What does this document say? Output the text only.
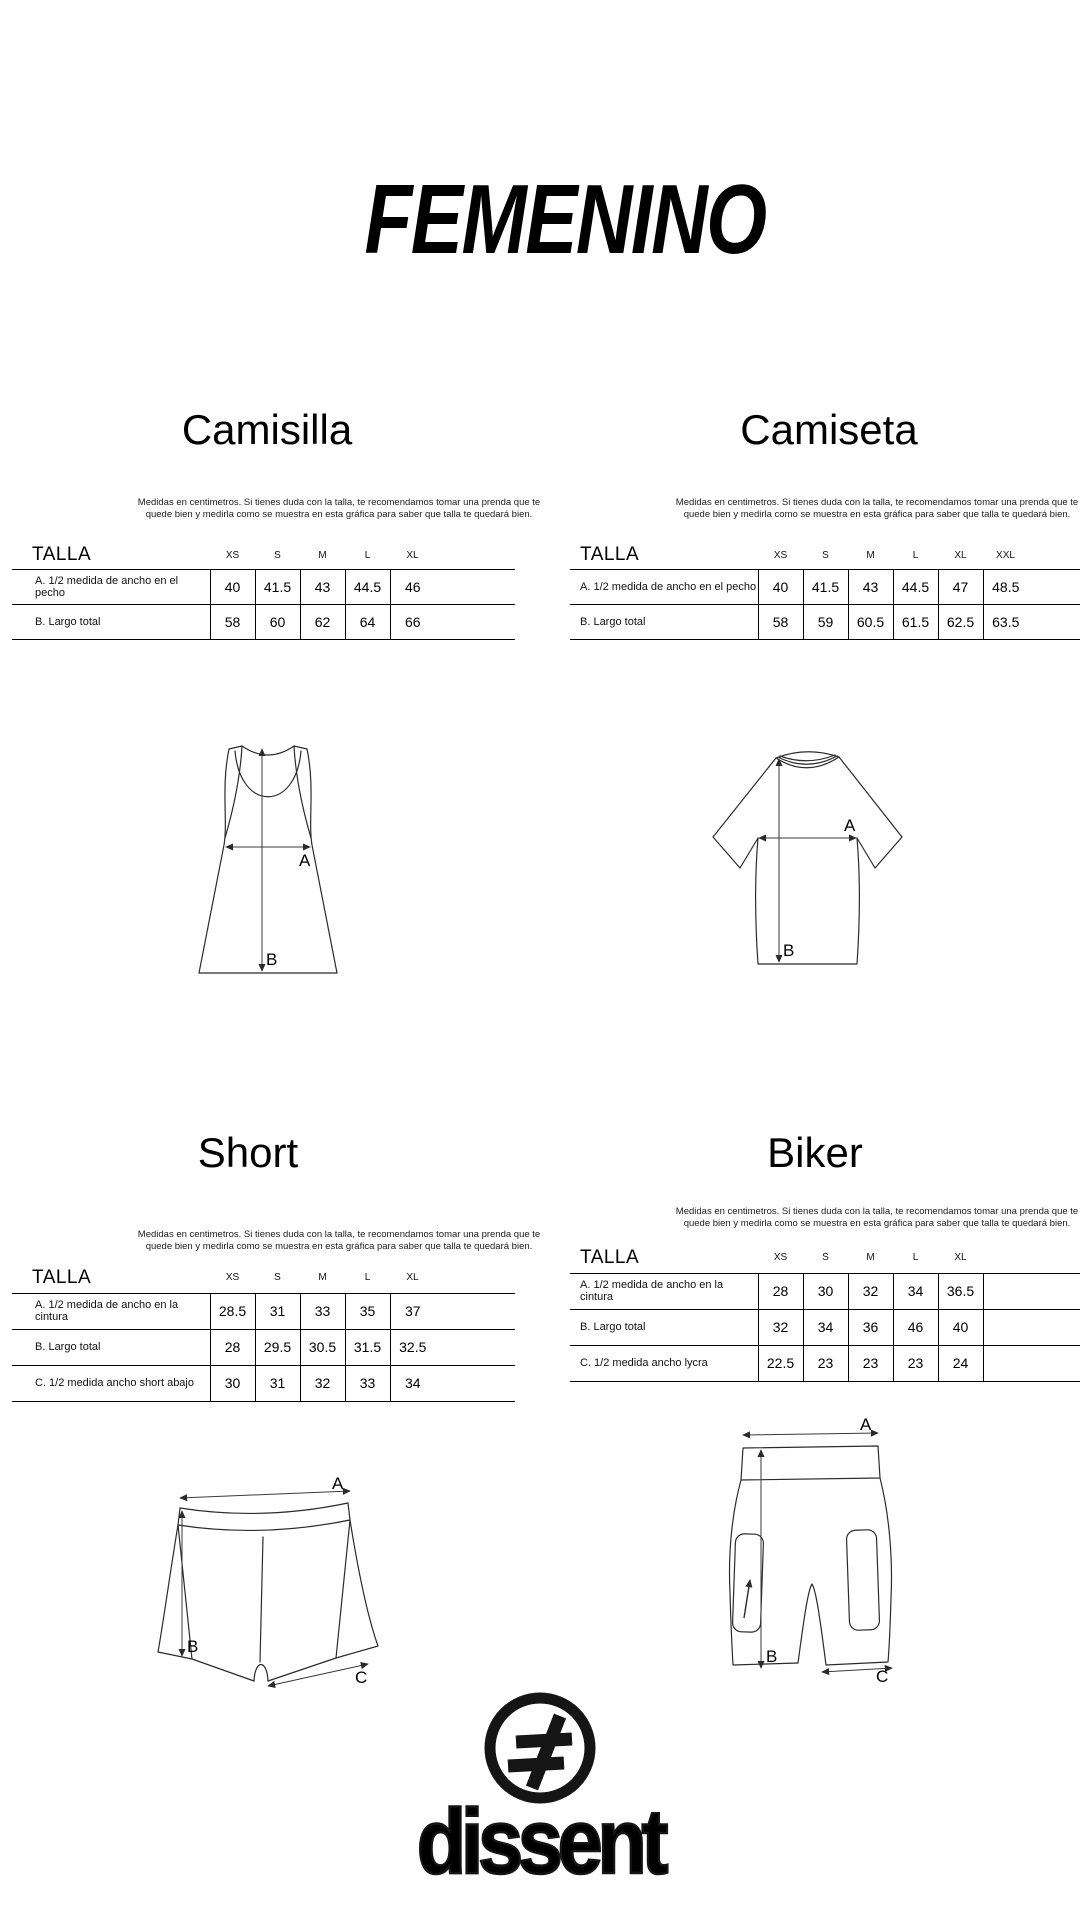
FEMENINO
Camisilla

Medidas en centimetros. Si tienes duda con la talla, te recomendamos tomar una prenda que te quede bien y medirla como se muestra en esta gráfica para saber que talla te quedará bien.

TALLA	XS	S	M	L	XL	
A. 1/2 medida de ancho en el pecho	40	41.5	43	44.5	46	
B. Largo total	58	60	62	64	66	
A
B
Camiseta

Medidas en centimetros. Si tienes duda con la talla, te recomendamos tomar una prenda que te quede bien y medirla como se muestra en esta gráfica para saber que talla te quedará bien.

TALLA	XS	S	M	L	XL	XXL	
A. 1/2 medida de ancho en el pecho	40	41.5	43	44.5	47	48.5	
B. Largo total	58	59	60.5	61.5	62.5	63.5	
A
B
Short

Medidas en centimetros. Si tienes duda con la talla, te recomendamos tomar una prenda que te quede bien y medirla como se muestra en esta gráfica para saber que talla te quedará bien.

TALLA	XS	S	M	L	XL	
A. 1/2 medida de ancho en la cintura	28.5	31	33	35	37	
B. Largo total	28	29.5	30.5	31.5	32.5	
C. 1/2 medida ancho short abajo	30	31	32	33	34	
A
B
C
Biker

Medidas en centimetros. Si tienes duda con la talla, te recomendamos tomar una prenda que te quede bien y medirla como se muestra en esta gráfica para saber que talla te quedará bien.

TALLA	XS	S	M	L	XL		
A. 1/2 medida de ancho en la cintura	28	30	32	34	36.5		
B. Largo total	32	34	36	46	40		
C. 1/2 medida ancho lycra	22.5	23	23	23	24		
A
B
C
dissent
